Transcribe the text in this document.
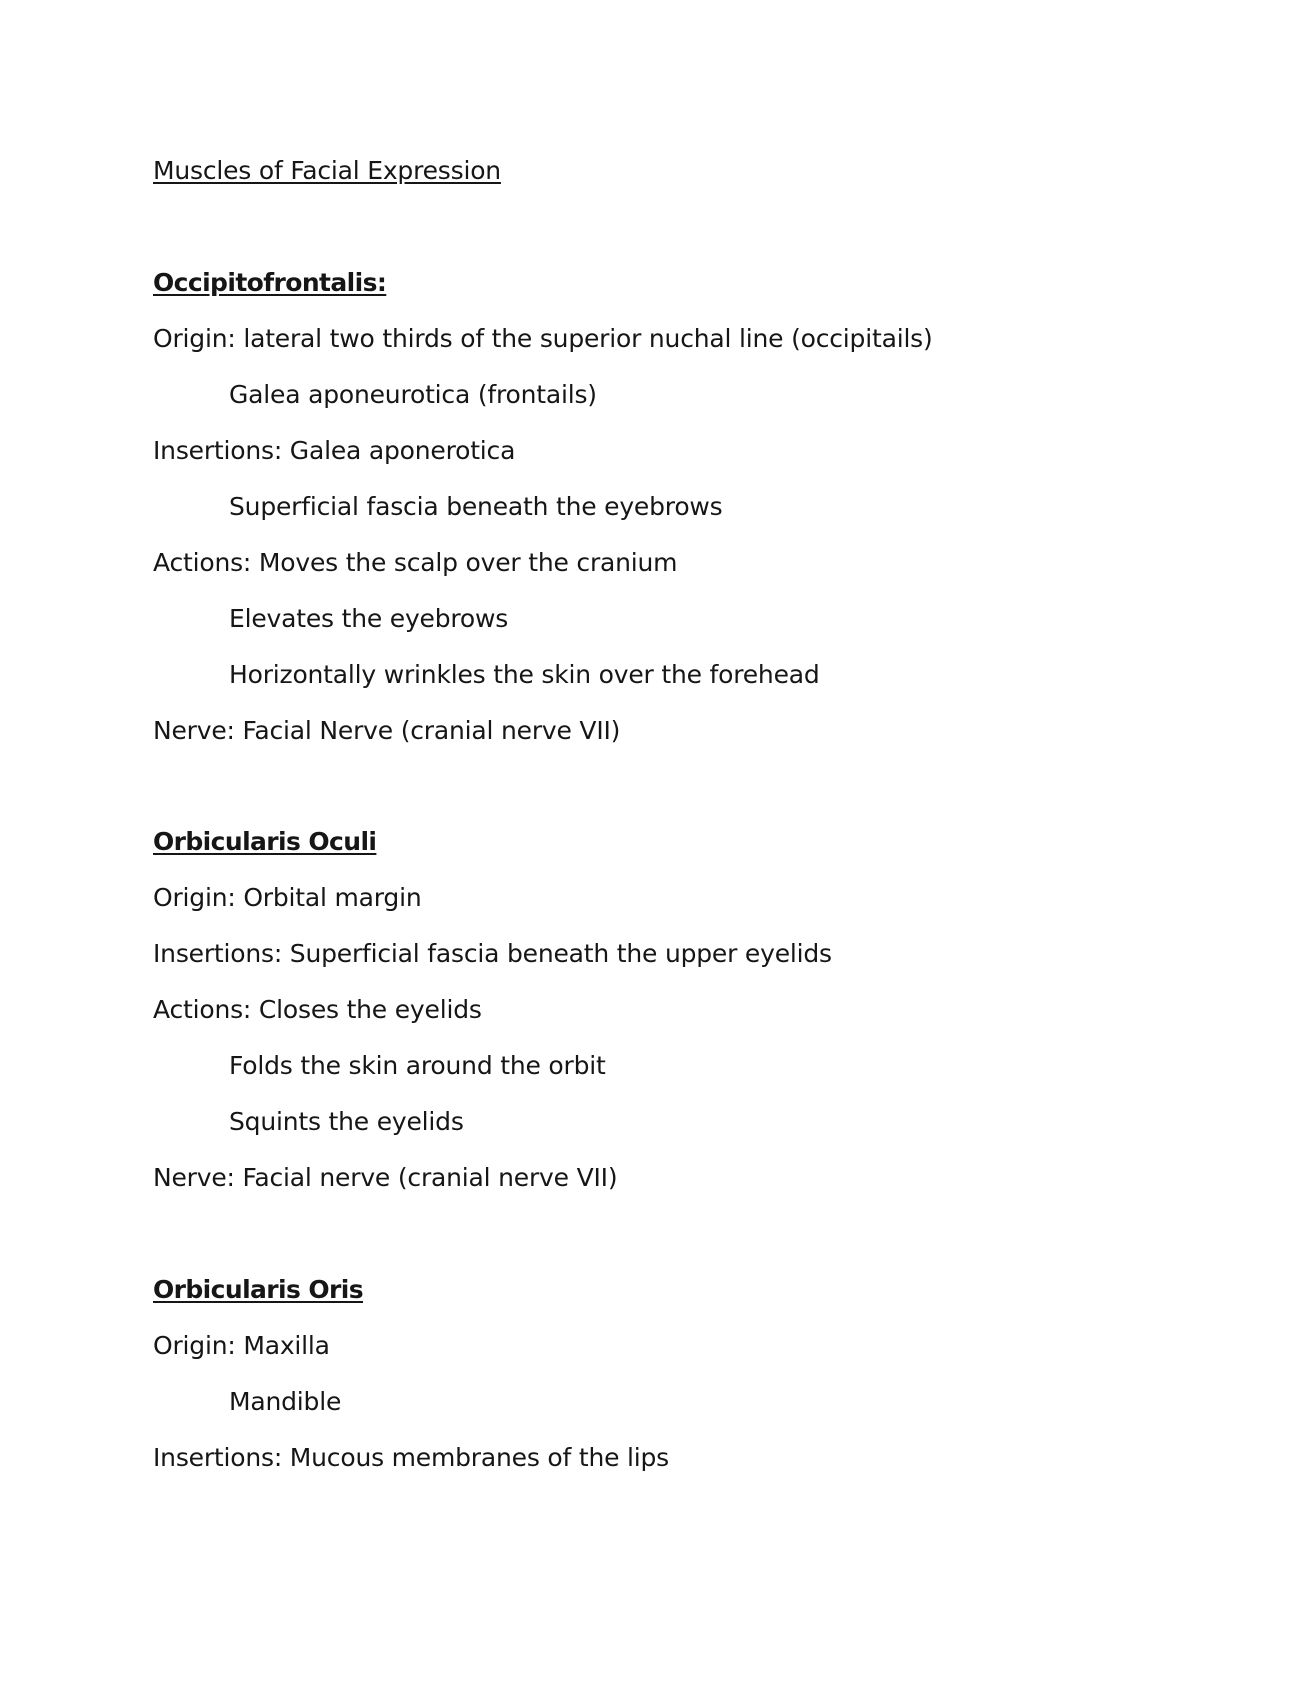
Muscles of Facial Expression
Occipitofrontalis:
Origin: lateral two thirds of the superior nuchal line (occipitails)
Galea aponeurotica (frontails)
Insertions: Galea aponerotica
Superficial fascia beneath the eyebrows
Actions: Moves the scalp over the cranium
Elevates the eyebrows
Horizontally wrinkles the skin over the forehead
Nerve: Facial Nerve (cranial nerve VII)
Orbicularis Oculi
Origin: Orbital margin
Insertions: Superficial fascia beneath the upper eyelids
Actions: Closes the eyelids
Folds the skin around the orbit
Squints the eyelids
Nerve: Facial nerve (cranial nerve VII)
Orbicularis Oris
Origin: Maxilla
Mandible
Insertions: Mucous membranes of the lips
